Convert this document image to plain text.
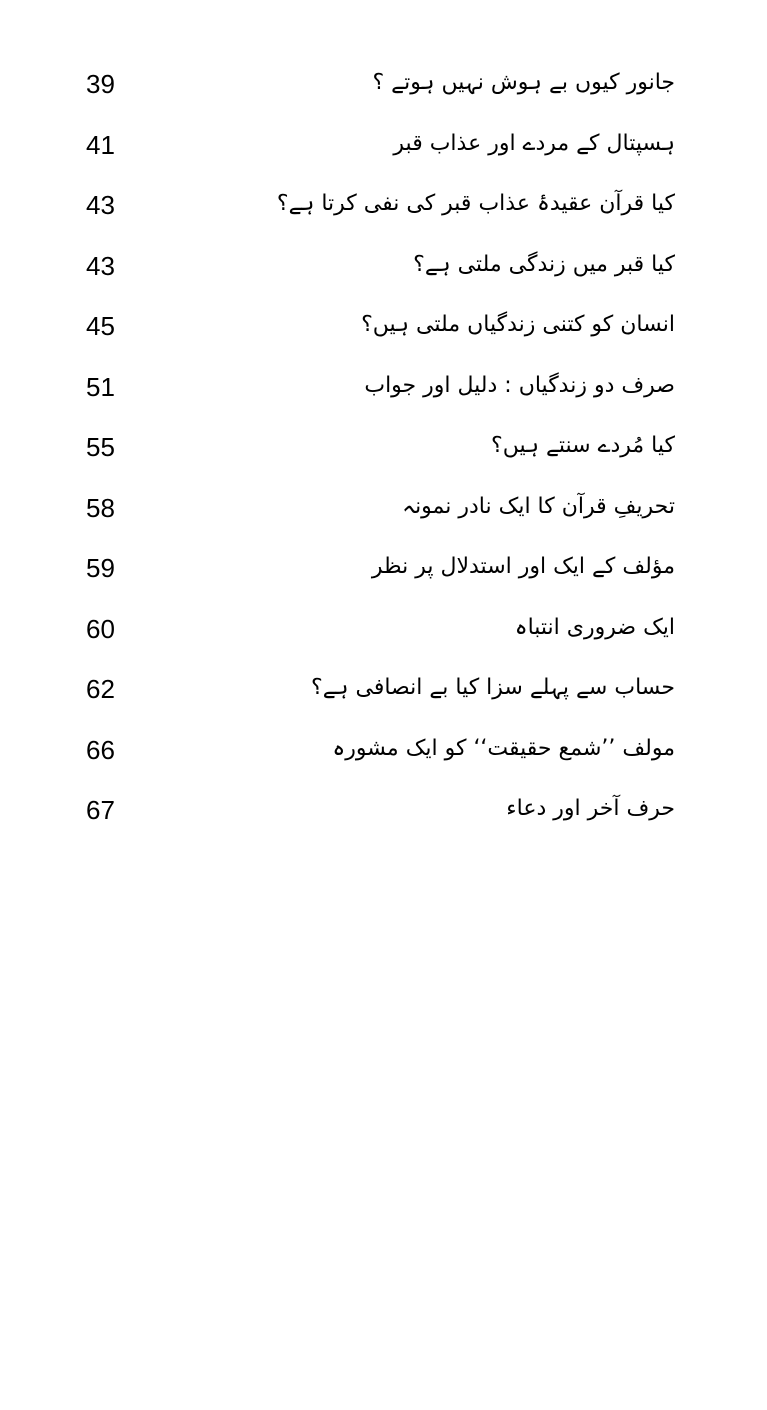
39	جانور کیوں بے ہوش نہیں ہوتے ؟
41	ہسپتال کے مردے اور عذاب قبر
43	کیا قرآن عقیدۂ عذاب قبر کی نفی کرتا ہے؟
43	کیا قبر میں زندگی ملتی ہے؟
45	انسان کو کتنی زندگیاں ملتی ہیں؟
51	صرف دو زندگیاں : دلیل اور جواب
55	کیا مُردے سنتے ہیں؟
58	تحریفِ قرآن کا ایک نادر نمونہ
59	مؤلف کے ایک اور استدلال پر نظر
60	ایک ضروری انتباہ
62	حساب سے پہلے سزا کیا بے انصافی ہے؟
66	مولف ’’شمع حقیقت‘‘ کو ایک مشورہ
67	حرف آخر اور دعاء
